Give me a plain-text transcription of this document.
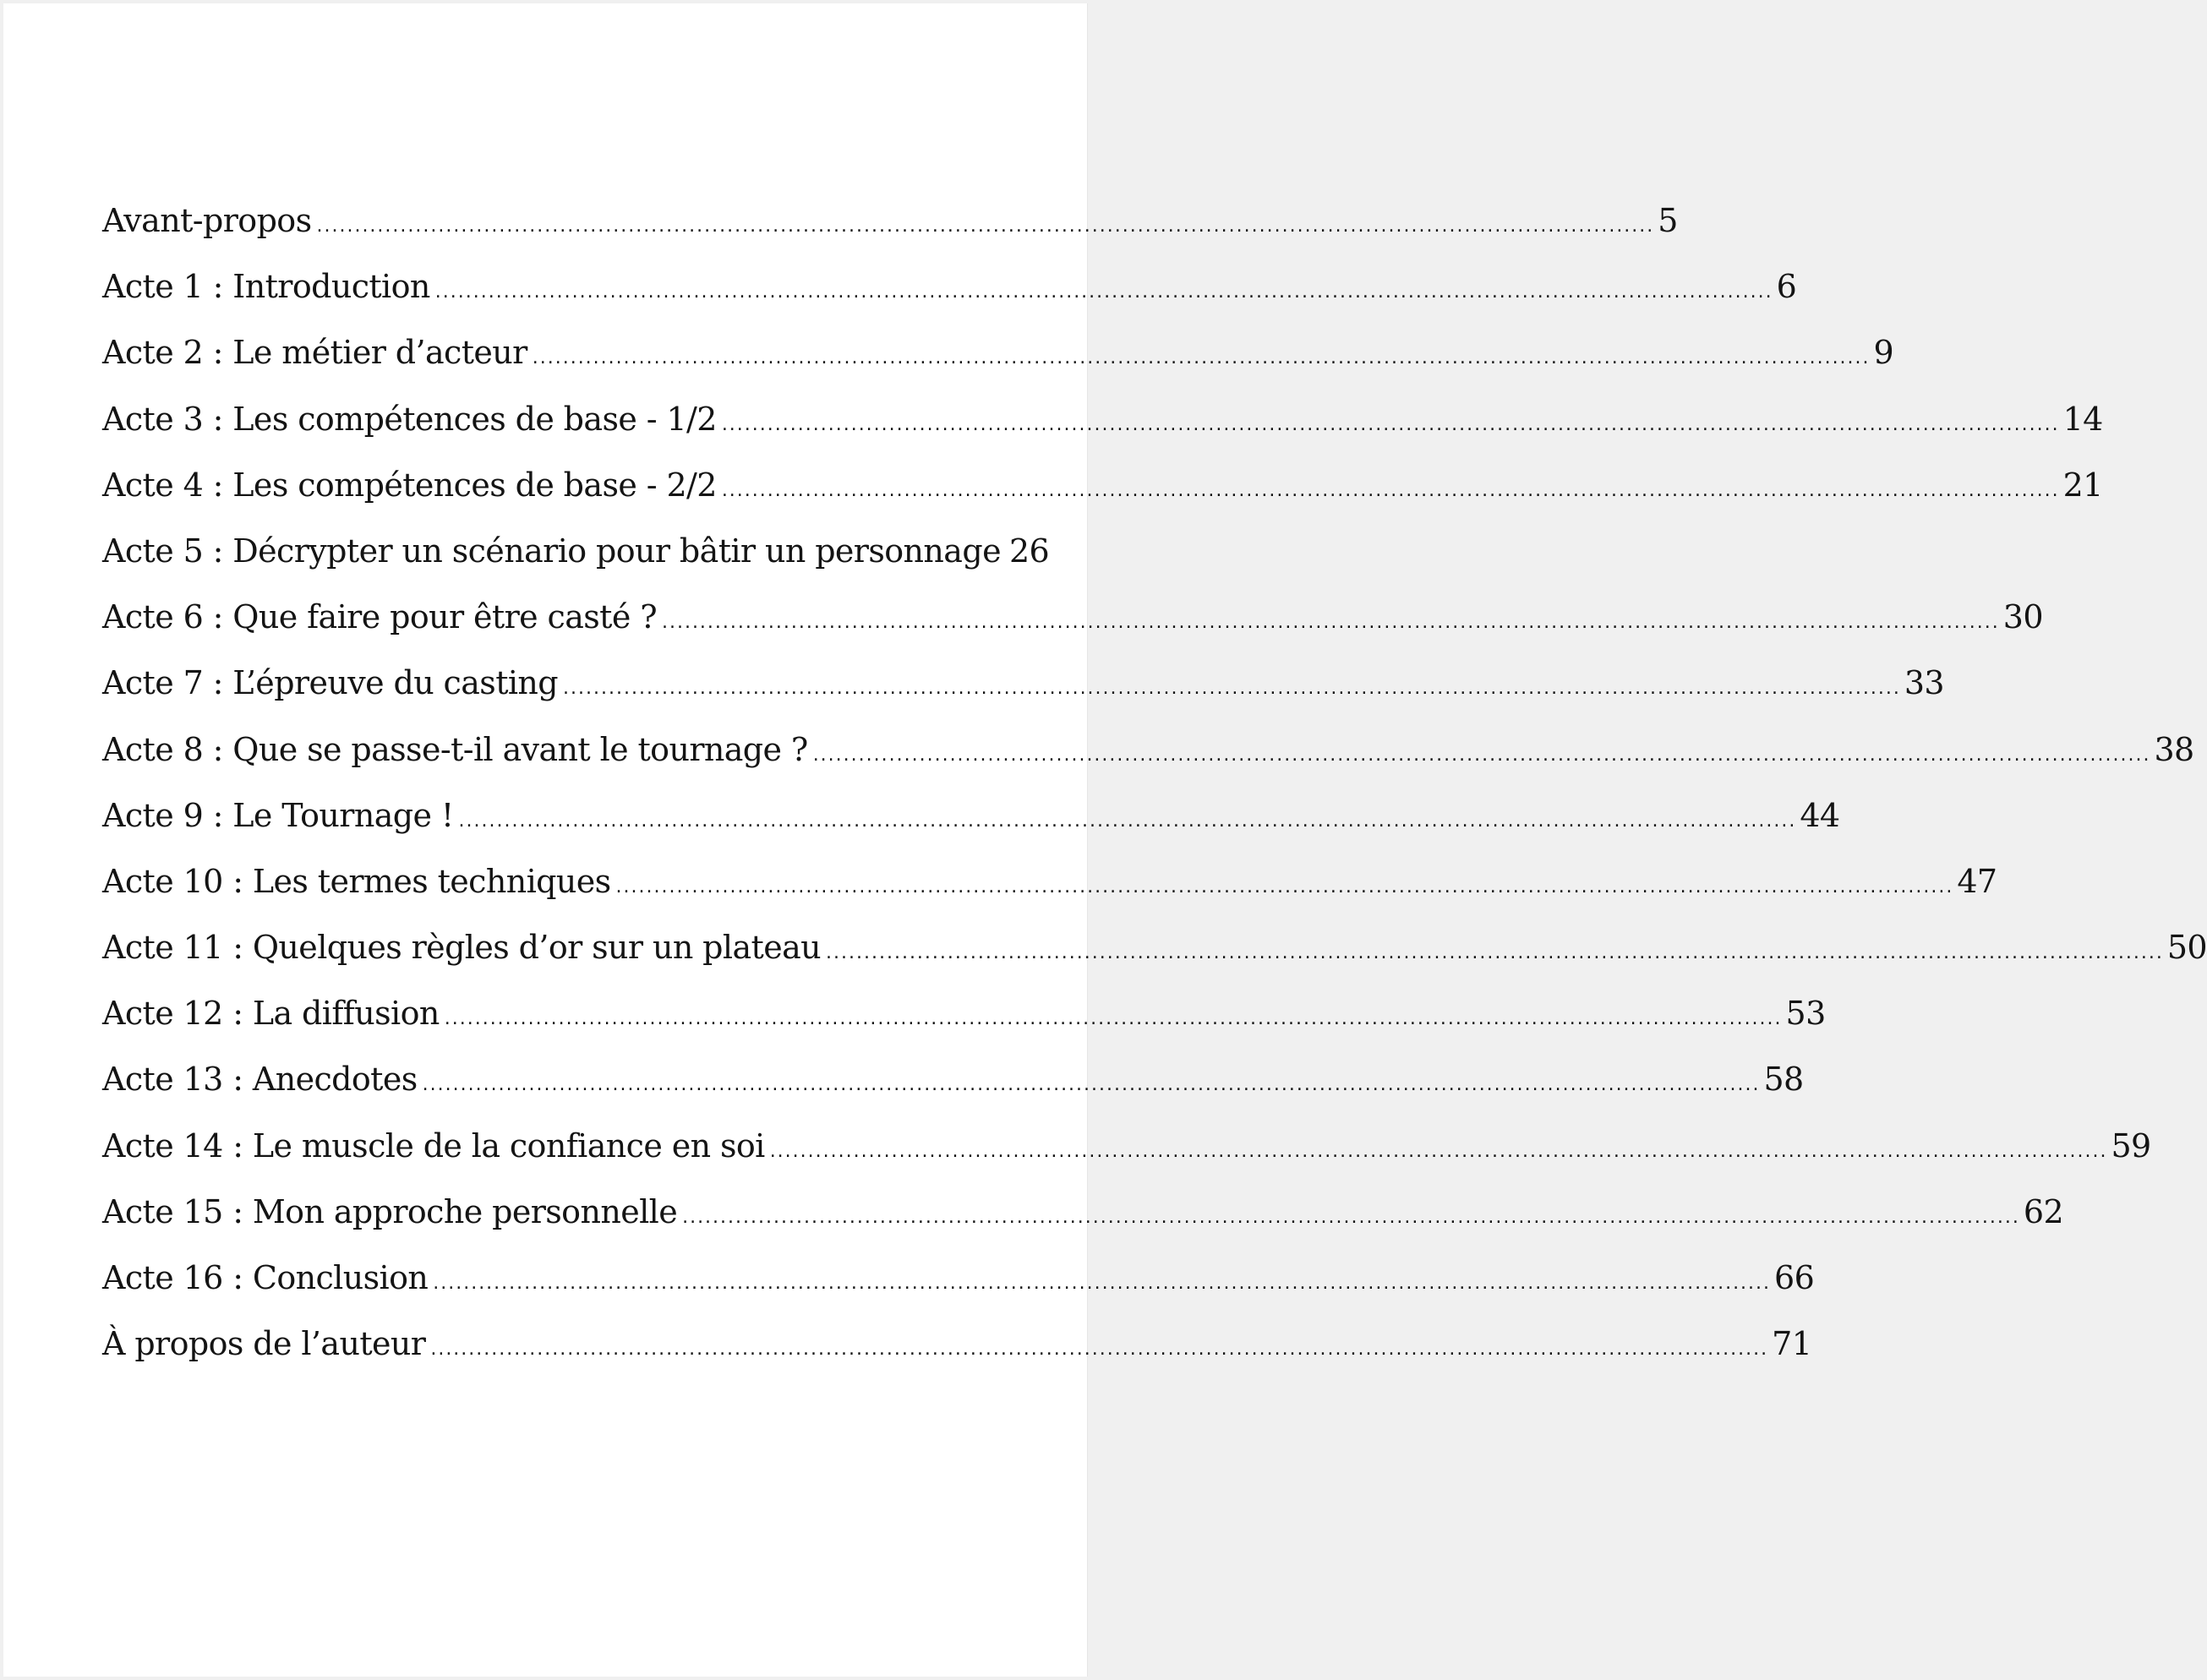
Avant-propos .....	5
Acte 1 : Introduction .....	6
Acte 2 : Le métier d’acteur .....	9
Acte 3 : Les compétences de base - 1/2 .....	14
Acte 4 : Les compétences de base - 2/2 .....	21
Acte 5 : Décrypter un scénario pour bâtir un personnage 26
Acte 6 : Que faire pour être casté ? .....	30
Acte 7 : L’épreuve du casting .....	33
Acte 8 : Que se passe-t-il avant le tournage ? .....	38
Acte 9 : Le Tournage ! .....	44
Acte 10 : Les termes techniques .....	47
Acte 11 : Quelques règles d’or sur un plateau .....	50
Acte 12 : La diffusion .....	53
Acte 13 : Anecdotes .....	58
Acte 14 : Le muscle de la confiance en soi .....	59
Acte 15 : Mon approche personnelle .....	62
Acte 16 : Conclusion .....	66
À propos de l’auteur .....	71
